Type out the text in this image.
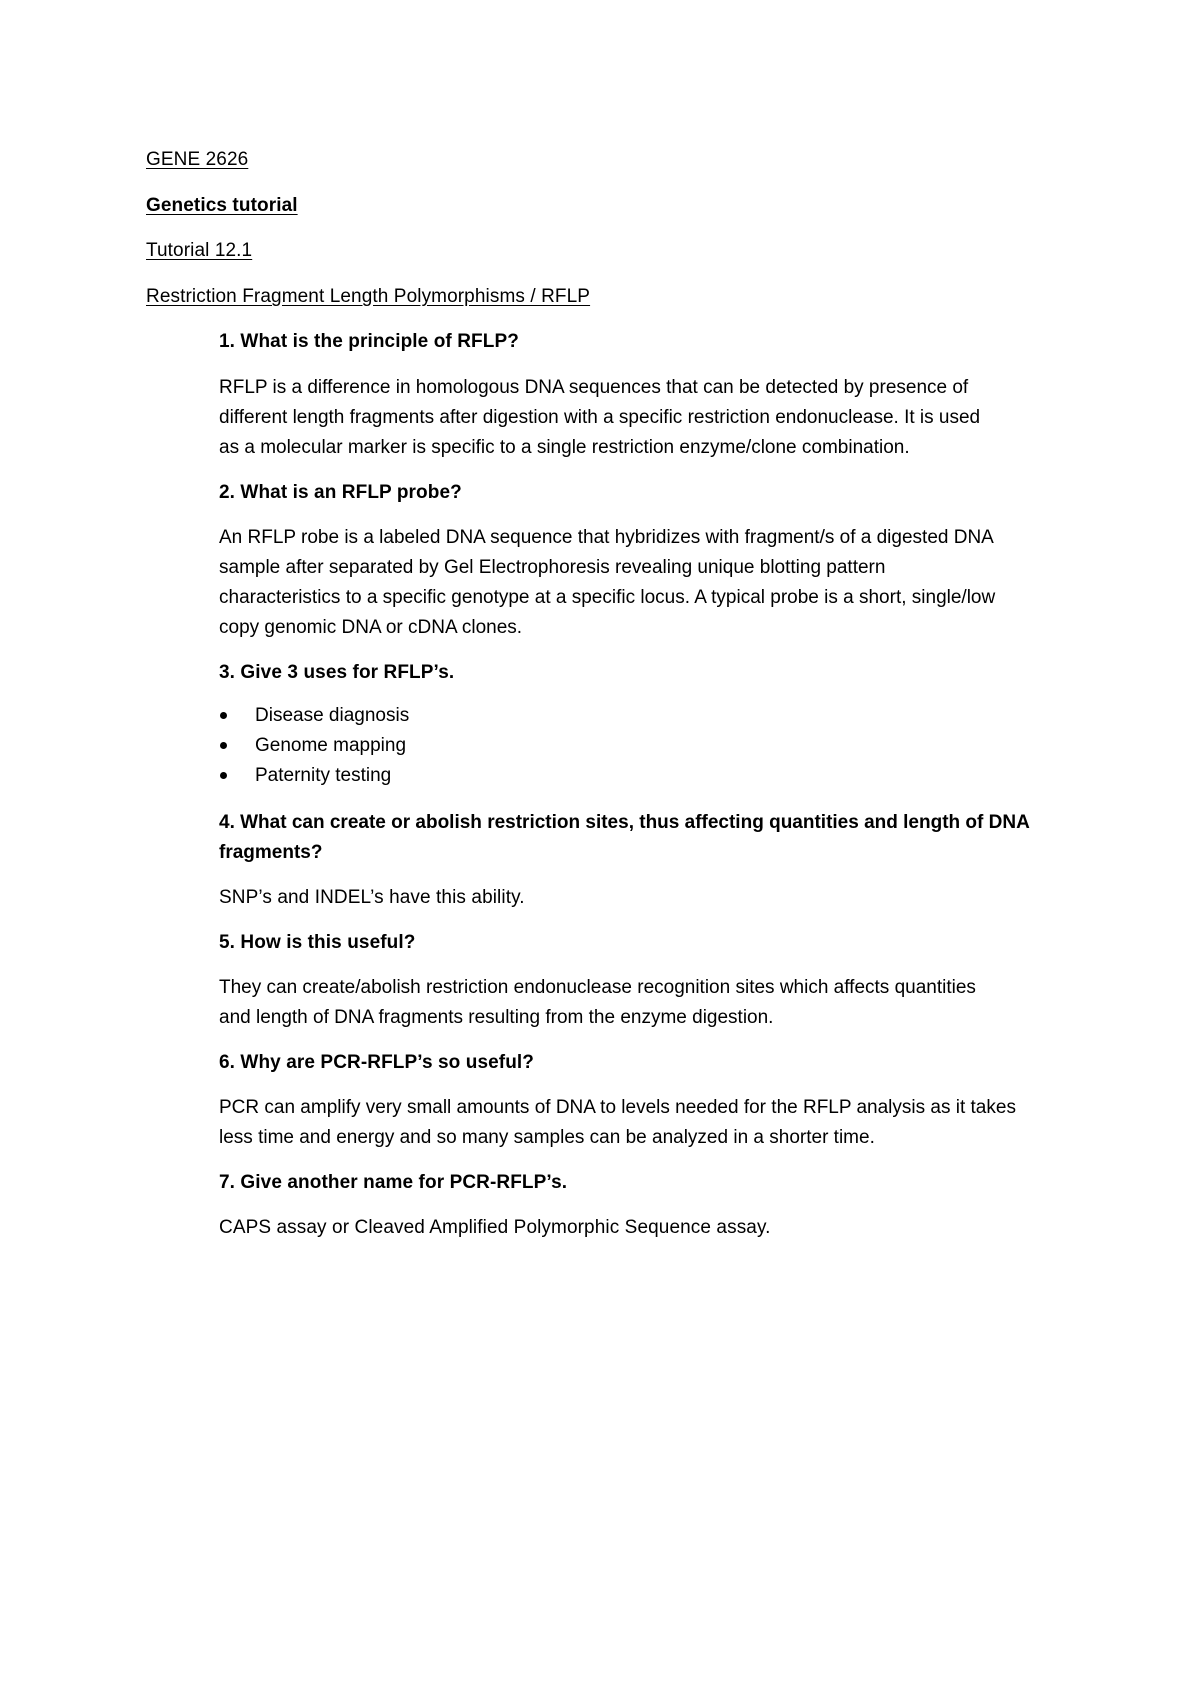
GENE 2626
Genetics tutorial
Tutorial 12.1
Restriction Fragment Length Polymorphisms / RFLP
1. What is the principle of RFLP?
RFLP is a difference in homologous DNA sequences that can be detected by presence of
different length fragments after digestion with a specific restriction endonuclease. It is used
as a molecular marker is specific to a single restriction enzyme/clone combination.
2. What is an RFLP probe?
An RFLP robe is a labeled DNA sequence that hybridizes with fragment/s of a digested DNA
sample after separated by Gel Electrophoresis revealing unique blotting pattern
characteristics to a specific genotype at a specific locus. A typical probe is a short, single/low
copy genomic DNA or cDNA clones.
3. Give 3 uses for RFLP’s.
Disease diagnosis
Genome mapping
Paternity testing
4. What can create or abolish restriction sites, thus affecting quantities and length of DNA
fragments?
SNP’s and INDEL’s have this ability.
5. How is this useful?
They can create/abolish restriction endonuclease recognition sites which affects quantities
and length of DNA fragments resulting from the enzyme digestion.
6. Why are PCR-RFLP’s so useful?
PCR can amplify very small amounts of DNA to levels needed for the RFLP analysis as it takes
less time and energy and so many samples can be analyzed in a shorter time.
7. Give another name for PCR-RFLP’s.
CAPS assay or Cleaved Amplified Polymorphic Sequence assay.
